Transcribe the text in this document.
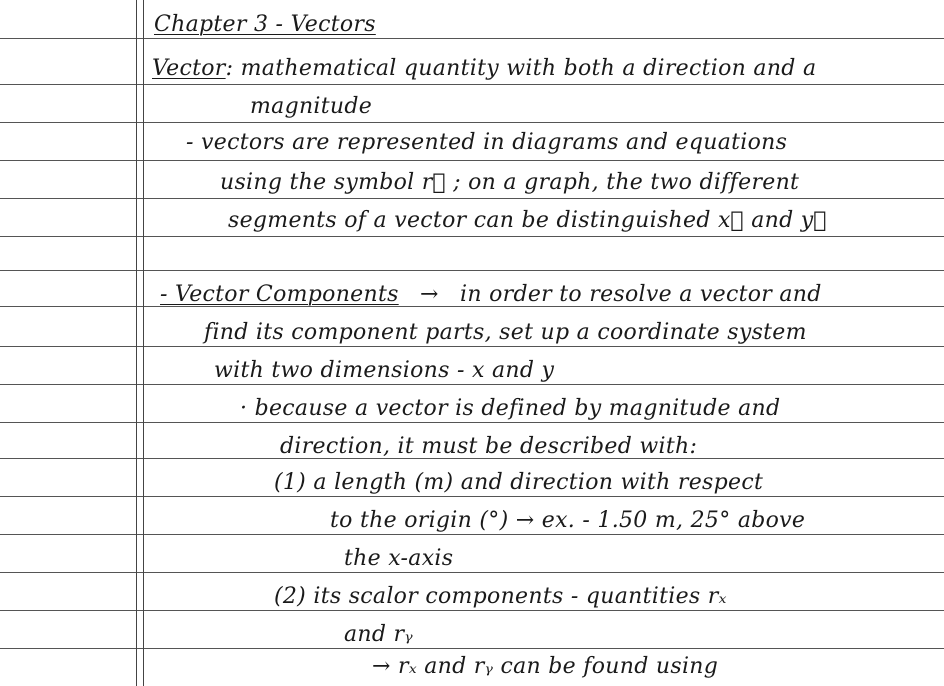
Chapter 3 - Vectors
Vector: mathematical quantity with both a direction and a
magnitude
- vectors are represented in diagrams and equations
using the symbol r⃗ ; on a graph, the two different
segments of a vector can be distinguished x⃗ and y⃗
- Vector Components → in order to resolve a vector and
find its component parts, set up a coordinate system
with two dimensions - x and y
· because a vector is defined by magnitude and
direction, it must be described with:
(1) a length (m) and direction with respect
to the origin (°) → ex. - 1.50 m, 25° above
the x-axis
(2) its scalor components - quantities rₓ
and rᵧ
→ rₓ and rᵧ can be found using
